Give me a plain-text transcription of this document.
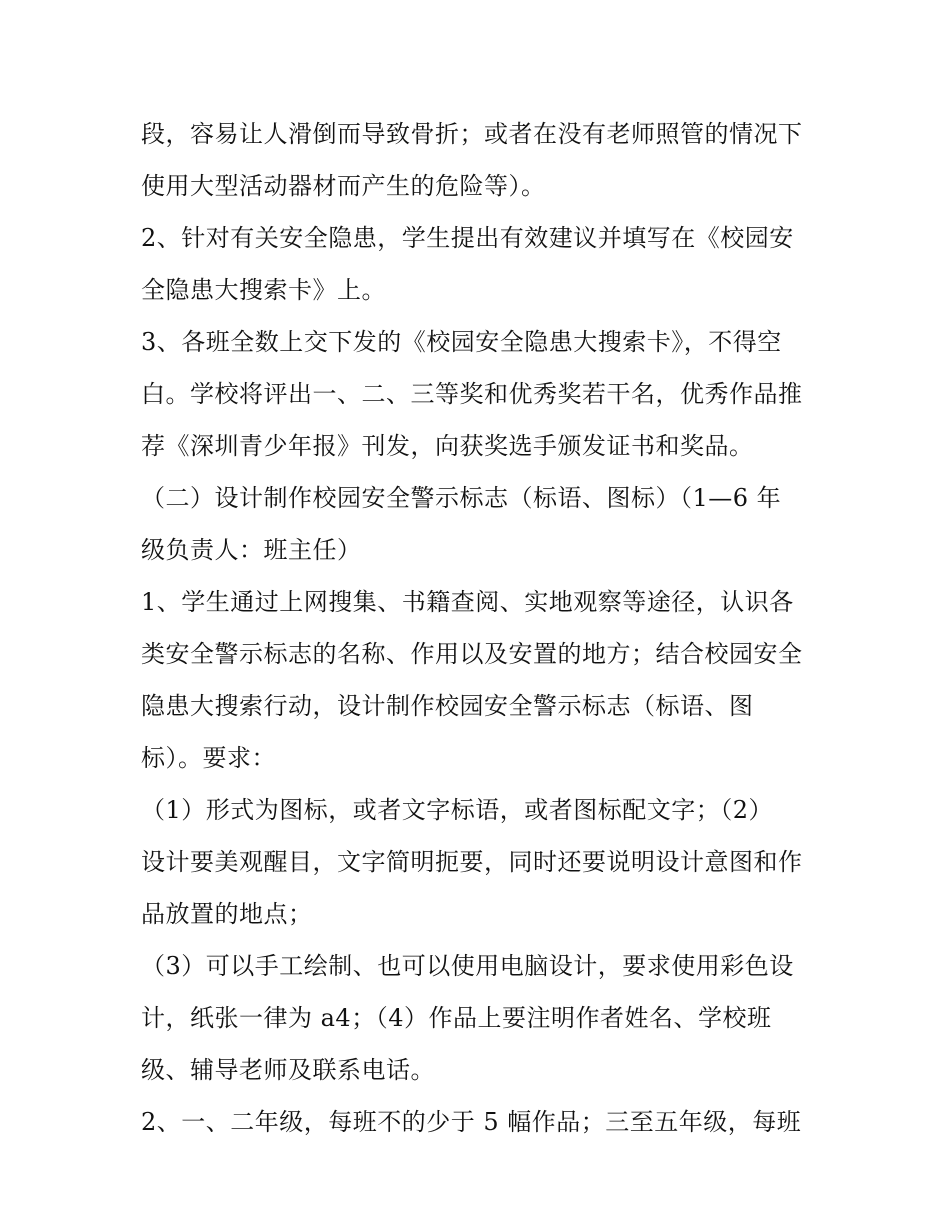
段，容易让人滑倒而导致骨折；或者在没有老师照管的情况下
使用大型活动器材而产生的危险等）。
2、针对有关安全隐患，学生提出有效建议并填写在《校园安
全隐患大搜索卡》上。
3、各班全数上交下发的《校园安全隐患大搜索卡》，不得空
白。学校将评出一、二、三等奖和优秀奖若干名，优秀作品推
荐《深圳青少年报》刊发，向获奖选手颁发证书和奖品。
（二）设计制作校园安全警示标志（标语、图标）（1—6 年
级负责人：班主任）
1、学生通过上网搜集、书籍查阅、实地观察等途径，认识各
类安全警示标志的名称、作用以及安置的地方；结合校园安全
隐患大搜索行动，设计制作校园安全警示标志（标语、图
标）。要求：
（1）形式为图标，或者文字标语，或者图标配文字；（2）
设计要美观醒目，文字简明扼要，同时还要说明设计意图和作
品放置的地点；
（3）可以手工绘制、也可以使用电脑设计，要求使用彩色设
计，纸张一律为 a4；（4）作品上要注明作者姓名、学校班
级、辅导老师及联系电话。
2、一、二年级，每班不的少于 5 幅作品；三至五年级，每班
